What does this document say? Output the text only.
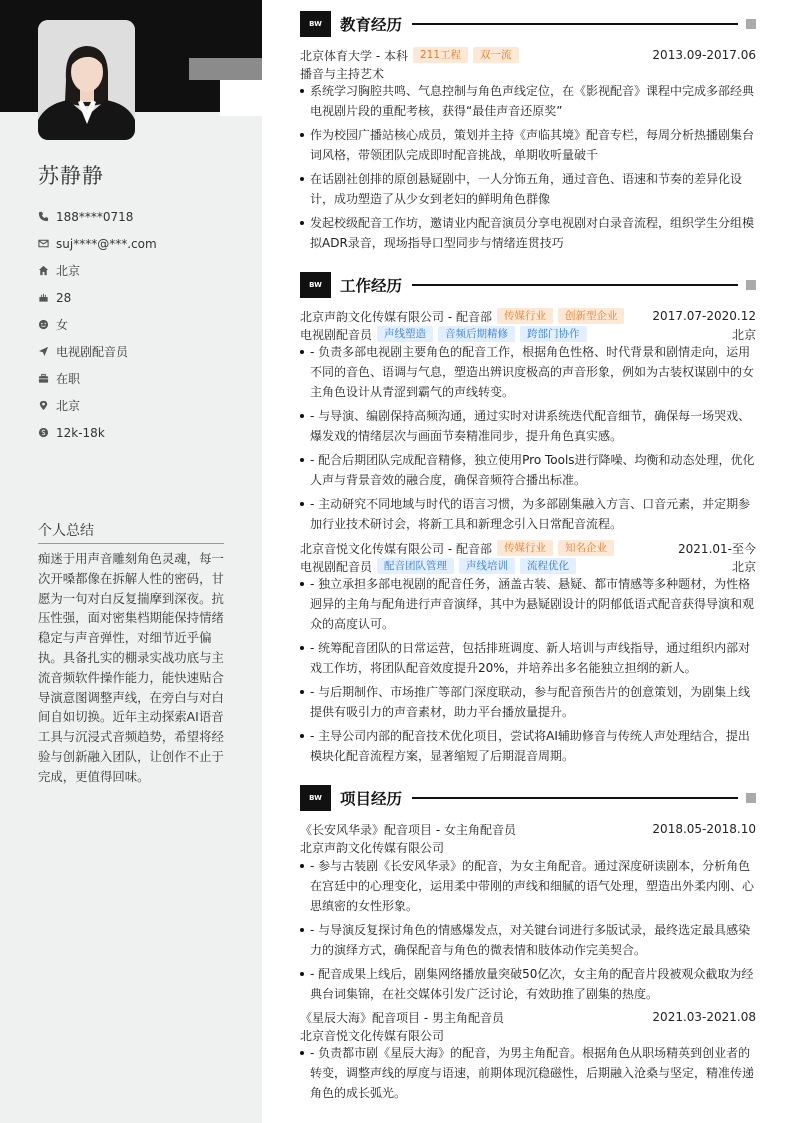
苏静静
188****0718
suj****@***.com
北京
28
女
电视剧配音员
在职
北京
12k-18k
个人总结
痴迷于用声音雕刻角色灵魂，每一次开嗓都像在拆解人性的密码，甘愿为一句对白反复揣摩到深夜。抗压性强，面对密集档期能保持情绪稳定与声音弹性，对细节近乎偏执。具备扎实的棚录实战功底与主流音频软件操作能力，能快速贴合导演意图调整声线，在旁白与对白间自如切换。近年主动探索AI语音工具与沉浸式音频趋势，希望将经验与创新融入团队，让创作不止于完成，更值得回味。
BW	教育经历
北京体育大学 - 本科	211工程	双一流	2013.09-2017.06
播音与主持艺术
系统学习胸腔共鸣、气息控制与角色声线定位，在《影视配音》课程中完成多部经典电视剧片段的重配考核，获得“最佳声音还原奖”
作为校园广播站核心成员，策划并主持《声临其境》配音专栏，每周分析热播剧集台词风格，带领团队完成即时配音挑战，单期收听量破千
在话剧社创排的原创悬疑剧中，一人分饰五角，通过音色、语速和节奏的差异化设计，成功塑造了从少女到老妇的鲜明角色群像
发起校级配音工作坊，邀请业内配音演员分享电视剧对白录音流程，组织学生分组模拟ADR录音，现场指导口型同步与情绪连贯技巧
BW	工作经历
北京声韵文化传媒有限公司 - 配音部	传媒行业	创新型企业	2017.07-2020.12
电视剧配音员	声线塑造	音频后期精修	跨部门协作	北京
- 负责多部电视剧主要角色的配音工作，根据角色性格、时代背景和剧情走向，运用不同的音色、语调与气息，塑造出辨识度极高的声音形象，例如为古装权谋剧中的女主角色设计从青涩到霸气的声线转变。
- 与导演、编剧保持高频沟通，通过实时对讲系统迭代配音细节，确保每一场哭戏、爆发戏的情绪层次与画面节奏精准同步，提升角色真实感。
- 配合后期团队完成配音精修，独立使用Pro Tools进行降噪、均衡和动态处理，优化人声与背景音效的融合度，确保音频符合播出标准。
- 主动研究不同地域与时代的语言习惯，为多部剧集融入方言、口音元素，并定期参加行业技术研讨会，将新工具和新理念引入日常配音流程。
北京音悦文化传媒有限公司 - 配音部	传媒行业	知名企业	2021.01-至今
电视剧配音员	配音团队管理	声线培训	流程优化	北京
- 独立承担多部电视剧的配音任务，涵盖古装、悬疑、都市情感等多种题材，为性格迥异的主角与配角进行声音演绎，其中为悬疑剧设计的阴郁低语式配音获得导演和观众的高度认可。
- 统筹配音团队的日常运营，包括排班调度、新人培训与声线指导，通过组织内部对戏工作坊，将团队配音效度提升20%，并培养出多名能独立担纲的新人。
- 与后期制作、市场推广等部门深度联动，参与配音预告片的创意策划，为剧集上线提供有吸引力的声音素材，助力平台播放量提升。
- 主导公司内部的配音技术优化项目，尝试将AI辅助修音与传统人声处理结合，提出模块化配音流程方案，显著缩短了后期混音周期。
BW	项目经历
《长安风华录》配音项目 - 女主角配音员	2018.05-2018.10
北京声韵文化传媒有限公司
- 参与古装剧《长安风华录》的配音，为女主角配音。通过深度研读剧本，分析角色在宫廷中的心理变化，运用柔中带刚的声线和细腻的语气处理，塑造出外柔内刚、心思缜密的女性形象。
- 与导演反复探讨角色的情感爆发点，对关键台词进行多版试录，最终选定最具感染力的演绎方式，确保配音与角色的微表情和肢体动作完美契合。
- 配音成果上线后，剧集网络播放量突破50亿次，女主角的配音片段被观众截取为经典台词集锦，在社交媒体引发广泛讨论，有效助推了剧集的热度。
《星辰大海》配音项目 - 男主角配音员	2021.03-2021.08
北京音悦文化传媒有限公司
- 负责都市剧《星辰大海》的配音，为男主角配音。根据角色从职场精英到创业者的转变，调整声线的厚度与语速，前期体现沉稳磁性，后期融入沧桑与坚定，精准传递角色的成长弧光。
